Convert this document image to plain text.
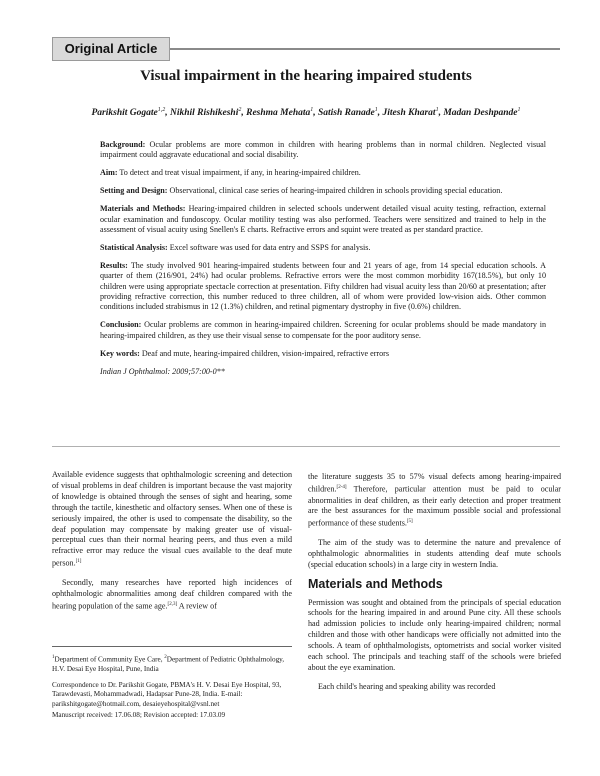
Original Article
Visual impairment in the hearing impaired students
Parikshit Gogate$^{1,2}$, Nikhil Rishikeshi$^2$, Reshma Mehata$^1$, Satish Ranade$^1$, Jitesh Kharat$^1$, Madan Deshpande$^1$

Background: Ocular problems are more common in children with hearing problems than in normal children. Neglected visual impairment could aggravate educational and social disability.

Aim: To detect and treat visual impairment, if any, in hearing-impaired children.

Setting and Design: Observational, clinical case series of hearing-impaired children in schools providing special education.

Materials and Methods: Hearing-impaired children in selected schools underwent detailed visual acuity testing, refraction, external ocular examination and fundoscopy. Ocular motility testing was also performed. Teachers were sensitized and trained to help in the assessment of visual acuity using Snellen's E charts. Refractive errors and squint were treated as per standard practice.

Statistical Analysis: Excel software was used for data entry and SSPS for analysis.

Results: The study involved 901 hearing-impaired students between four and 21 years of age, from 14 special education schools. A quarter of them (216/901, 24%) had ocular problems. Refractive errors were the most common morbidity 167(18.5%), but only 10 children were using appropriate spectacle correction at presentation. Fifty children had visual acuity less than 20/60 at presentation; after providing refractive correction, this number reduced to three children, all of whom were provided low-vision aids. Other common conditions included strabismus in 12 (1.3%) children, and retinal pigmentary dystrophy in five (0.6%) children.

Conclusion: Ocular problems are common in hearing-impaired children. Screening for ocular problems should be made mandatory in hearing-impaired children, as they use their visual sense to compensate for the poor auditory sense.

Key words: Deaf and mute, hearing-impaired children, vision-impaired, refractive errors

Indian J Ophthalmol: 2009;57:00-0**

Available evidence suggests that ophthalmologic screening and detection of visual problems in deaf children is important because the vast majority of knowledge is obtained through the senses of sight and hearing, some through the tactile, kinesthetic and olfactory senses. When one of these is seriously impaired, the other is used to compensate the disability, so the deaf population may compensate by making greater use of visual-perceptual cues than their normal hearing peers, and thus even a mild refractive error may reduce the visual cues available to the deaf mute person.[1]

Secondly, many researches have reported high incidences of ophthalmologic abnormalities among deaf children compared with the hearing population of the same age.[2,3] A review of

$^1$Department of Community Eye Care, $^2$Department of Pediatric Ophthalmology, H.V. Desai Eye Hospital, Pune, India

Correspondence to Dr. Parikshit Gogate, PBMA's H. V. Desai Eye Hospital, 93, Tarawdevasti, Mohammadwadi, Hadapsar Pune-28, India. E-mail: parikshitgogate@hotmail.com, desaieyehospital@vsnl.net

Manuscript received: 17.06.08; Revision accepted: 17.03.09

the literature suggests 35 to 57% visual defects among hearing-impaired children.[2-4] Therefore, particular attention must be paid to ocular abnormalities in deaf children, as their early detection and proper treatment are the best assurances for the maximum possible social and professional performance of these students.[5]

The aim of the study was to determine the nature and prevalence of ophthalmologic abnormalities in students attending deaf mute schools (special education schools) in a large city in western India.

Materials and Methods

Permission was sought and obtained from the principals of special education schools for the hearing impaired in and around Pune city. All these schools had admission policies to include only hearing-impaired children; normal children and those with other handicaps were officially not admitted into the schools. A team of ophthalmologists, optometrists and social worker visited each school. The principals and teaching staff of the schools were briefed about the eye examination.

Each child's hearing and speaking ability was recorded
